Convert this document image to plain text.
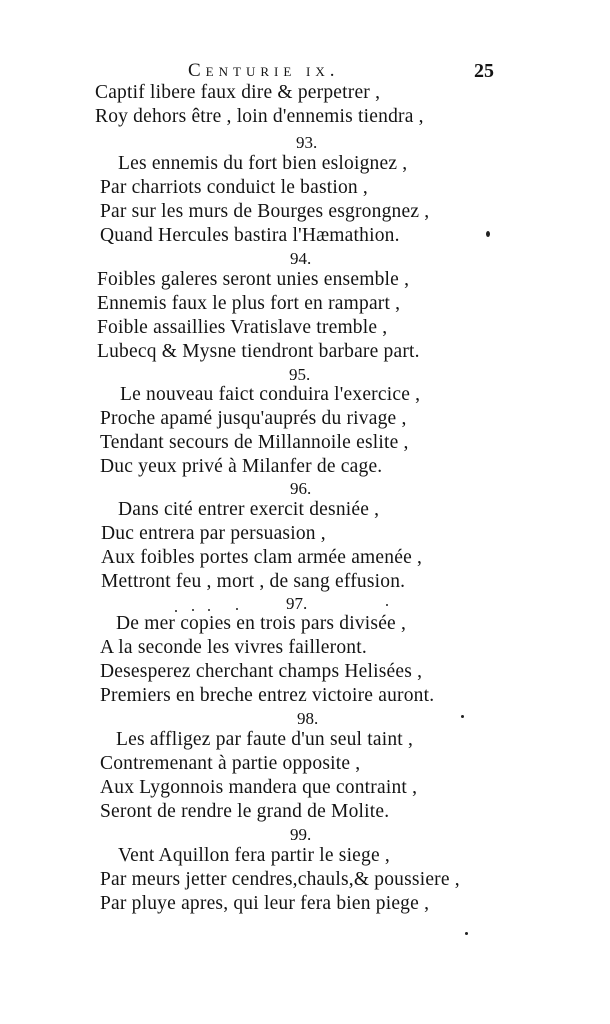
Centurie ix.	25
Captif libere faux dire & perpetrer ,
Roy dehors être , loin d'ennemis tiendra ,
93.
Les ennemis du fort bien esloignez ,
Par charriots conduict le bastion ,
Par sur les murs de Bourges esgrongnez ,
Quand Hercules bastira l'Hæmathion.
94.
Foibles galeres seront unies ensemble ,
Ennemis faux le plus fort en rampart ,
Foible assaillies Vratislave tremble ,
Lubecq & Mysne tiendront barbare part.
95.
Le nouveau faict conduira l'exercice ,
Proche apamé jusqu'auprés du rivage ,
Tendant secours de Millannoile eslite ,
Duc yeux privé à Milanfer de cage.
96.
Dans cité entrer exercit desniée ,
Duc entrera par persuasion ,
Aux foibles portes clam armée amenée ,
Mettront feu , mort , de sang effusion.
97.
De mer copies en trois pars divisée ,
A la seconde les vivres failleront.
Desesperez cherchant champs Helisées ,
Premiers en breche entrez victoire auront.
98.
Les affligez par faute d'un seul taint ,
Contremenant à partie opposite ,
Aux Lygonnois mandera que contraint ,
Seront de rendre le grand de Molite.
99.
Vent Aquillon fera partir le siege ,
Par meurs jetter cendres,chauls,& poussiere ,
Par pluye apres, qui leur fera bien piege ,
